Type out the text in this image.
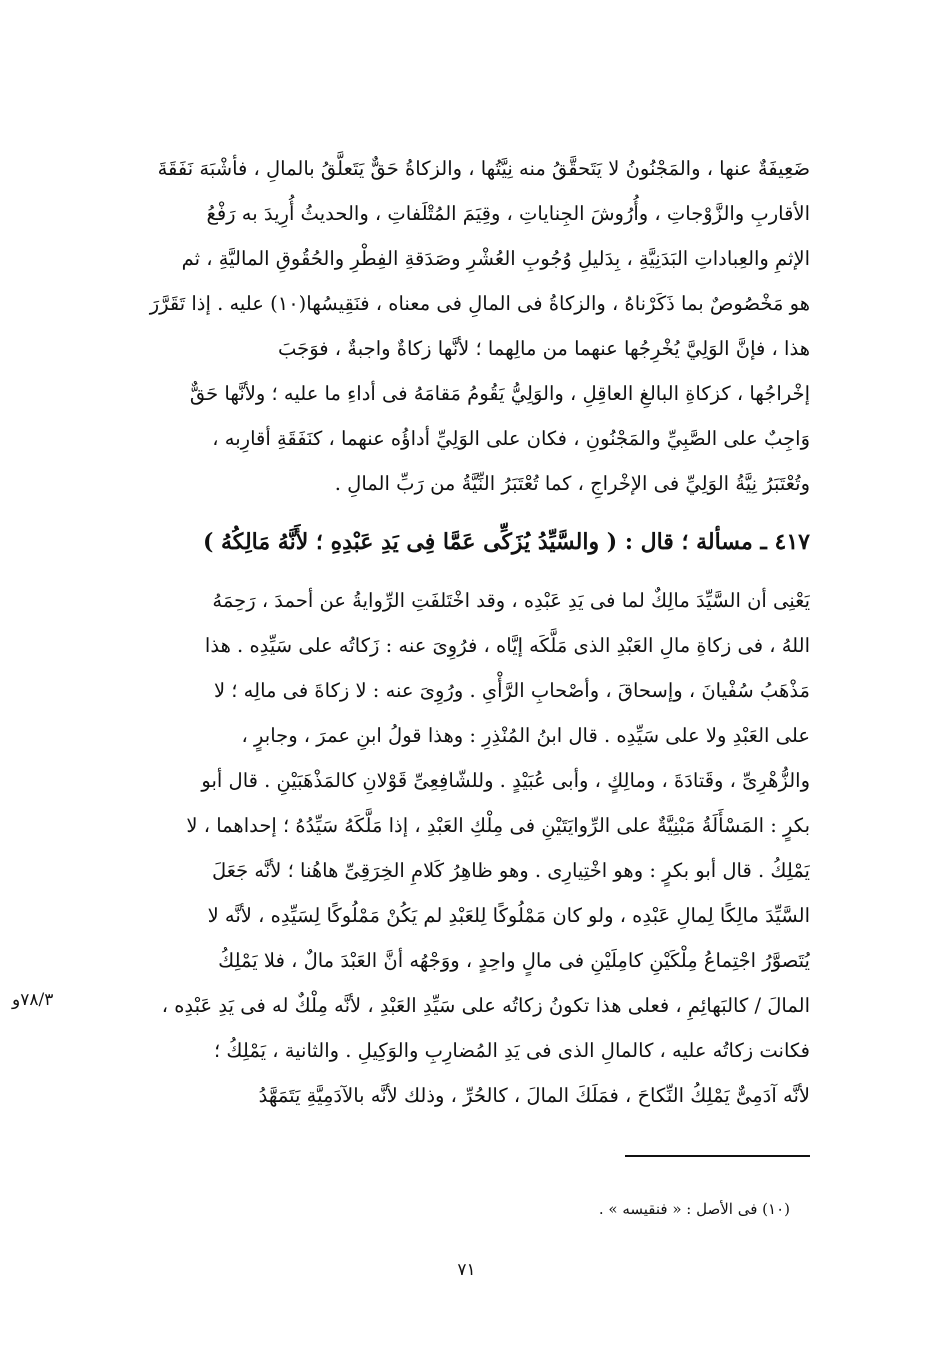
ضَعِيفَةٌ عنها ، والمَجْنُونُ لا يَتَحقَّقُ منه نِيَّتُها ، والزكاةُ حَقٌّ يَتَعلَّقُ بالمالِ ، فأشْبَهَ نَفَقَةَ
الأقاربِ والزَّوْجاتِ ، وأُرُوشَ الجِناياتِ ، وقِيَمَ المُتْلَفاتِ ، والحديثُ أُرِيدَ به رَفْعُ
الإثمِ والعِباداتِ البَدَنِيَّةِ ، بِدَليلِ وُجُوبِ العُشْرِ وصَدَقةِ الفِطْرِ والحُقُوقِ الماليَّةِ ، ثم
هو مَخْصُوصٌ بما ذَكَرْناهُ ، والزكاةُ فى المالِ فى معناه ، فنَقِيسُها(١٠) عليه . إذا تَقَرَّرَ
هذا ، فإنَّ الوَلِيَّ يُخْرِجُها عنهما من مالِهما ؛ لأنَّها زكاةٌ واجبةٌ ، فوَجَبَ
إخْراجُها ، كزكاةِ البالغِ العاقِلِ ، والوَلِيُّ يَقُومُ مَقامَهُ فى أداءِ ما عليه ؛ ولأنَّها حَقٌّ
وَاجِبٌ على الصَّبِيِّ والمَجْنُونِ ، فكان على الوَلِيِّ أداؤُه عنهما ، كنَفَقَةِ أقارِبه ،
وتُعْتَبَرُ نِيَّةُ الوَلِيِّ فى الإخْراجِ ، كما تُعْتَبَرُ النِّيَّةُ من رَبِّ المالِ .
٤١٧ ـ مسألة ؛ قال : ( والسَّيِّدُ يُزَكِّى عَمَّا فِى يَدِ عَبْدِهِ ؛ لأَنَّهُ مَالِكُهُ )
يَعْنِى أن السَّيِّدَ مالِكٌ لما فى يَدِ عَبْدِه ، وقد اخْتَلفَتِ الرِّوايةُ عن أحمدَ ، رَحِمَهُ
اللهُ ، فى زكاةِ مالِ العَبْدِ الذى مَلَّكَه إيَّاه ، فرُوِىَ عنه : زَكاتُه على سَيِّدِه . هذا
مَذْهَبُ سُفْيانَ ، وإسحاقَ ، وأصْحابِ الرَّأْىِ . ورُوِىَ عنه : لا زكاةَ فى مالِه ؛ لا
على العَبْدِ ولا على سَيِّدِه . قال ابنُ المُنْذِرِ : وهذا قولُ ابنِ عمرَ ، وجابرٍ ،
والزُّهْرِىِّ ، وقَتادَةَ ، ومالِكٍ ، وأبى عُبَيْدٍ . وللشّافِعِىِّ قَوْلانِ كالمَذْهَبَيْنِ . قال أبو
بكرٍ : المَسْأَلَةُ مَبْنِيَّةٌ على الرِّوايَتَيْنِ فى مِلْكِ العَبْدِ ، إذا مَلَّكَهُ سَيِّدُهُ ؛ إحداهما ، لا
يَمْلِكُ . قال أبو بكرٍ : وهو اخْتِيارِى . وهو ظاهِرُ كَلامِ الخِرَقِىِّ هاهُنا ؛ لأنَّه جَعَلَ
السَّيِّدَ مالِكًا لِمالِ عَبْدِه ، ولو كان مَمْلُوكًا لِلعَبْدِ لم يَكُنْ مَمْلُوكًا لِسَيِّدِه ، لأنَّه لا
يُتَصوَّرُ اجْتِماعُ مِلْكَيْنِ كامِلَيْنِ فى مالٍ واحِدٍ ، ووَجْهُه أنَّ العَبْدَ مالٌ ، فلا يَمْلِكُ
المالَ / كالبَهائِمِ ، فعلى هذا تكونُ زكاتُه على سَيِّدِ العَبْدِ ، لأنَّه مِلْكٌ له فى يَدِ عَبْدِه ،
فكانت زكاتُه عليه ، كالمالِ الذى فى يَدِ المُضارِبِ والوَكِيلِ . والثانية ، يَمْلِكُ ؛
لأنَّه آدَمِىٌّ يَمْلِكُ النِّكاحَ ، فمَلَكَ المالَ ، كالحُرِّ ، وذلك لأنَّه بالآدَمِيَّةِ يَتَمَهَّدُ
٧٨/٣و
(١٠) فى الأصل : « فنقيسه » .
٧١
